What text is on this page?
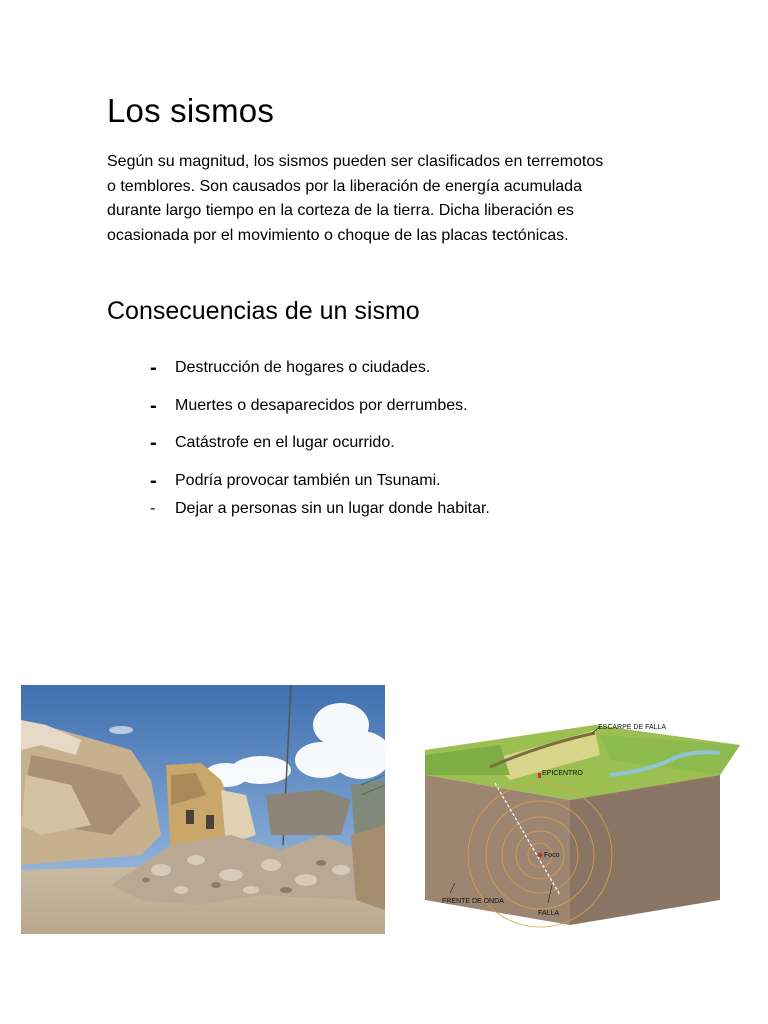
Los sismos

Según su magnitud, los sismos pueden ser clasificados en terremotos
o temblores. Son causados por la liberación de energía acumulada
durante largo tiempo en la corteza de la tierra. Dicha liberación es
ocasionada por el movimiento o choque de las placas tectónicas.

Consecuencias de un sismo
- Destrucción de hogares o ciudades.
- Muertes o desaparecidos por derrumbes.
- Catástrofe en el lugar ocurrido.
- Podría provocar también un Tsunami.
- Dejar a personas sin un lugar donde habitar.
ESCARPE DE FALLA
EPICENTRO
Foco
FRENTE DE ONDA
FALLA
